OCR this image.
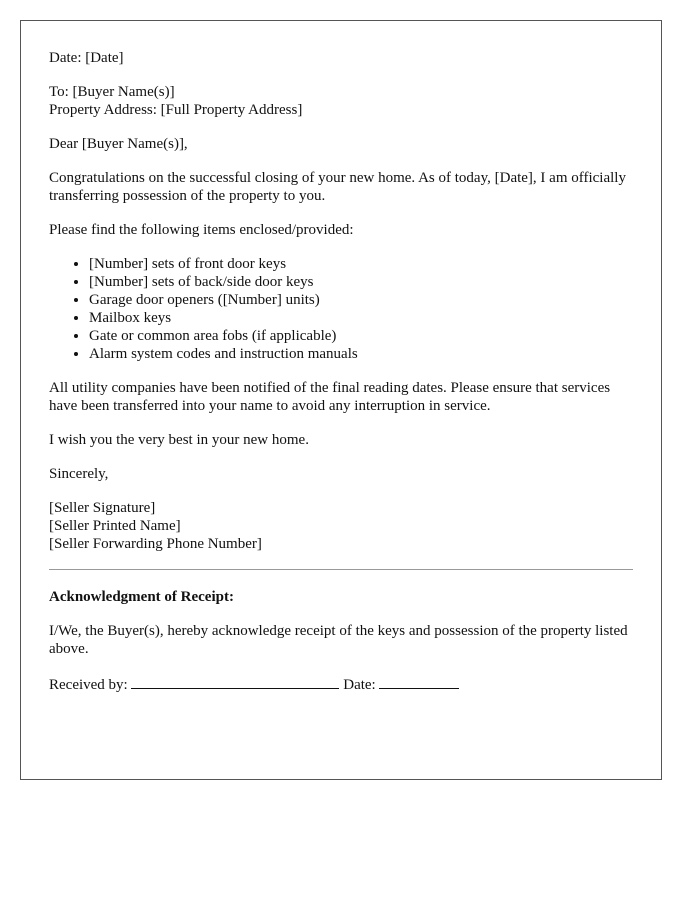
Date: [Date]

To: [Buyer Name(s)]
Property Address: [Full Property Address]

Dear [Buyer Name(s)],

Congratulations on the successful closing of your new home. As of today, [Date], I am officially transferring possession of the property to you.

Please find the following items enclosed/provided:

• [Number] sets of front door keys
• [Number] sets of back/side door keys
• Garage door openers ([Number] units)
• Mailbox keys
• Gate or common area fobs (if applicable)
• Alarm system codes and instruction manuals

All utility companies have been notified of the final reading dates. Please ensure that services have been transferred into your name to avoid any interruption in service.

I wish you the very best in your new home.

Sincerely,

[Seller Signature]
[Seller Printed Name]
[Seller Forwarding Phone Number]

Acknowledgment of Receipt:

I/We, the Buyer(s), hereby acknowledge receipt of the keys and possession of the property listed above.

Received by:	Date:
